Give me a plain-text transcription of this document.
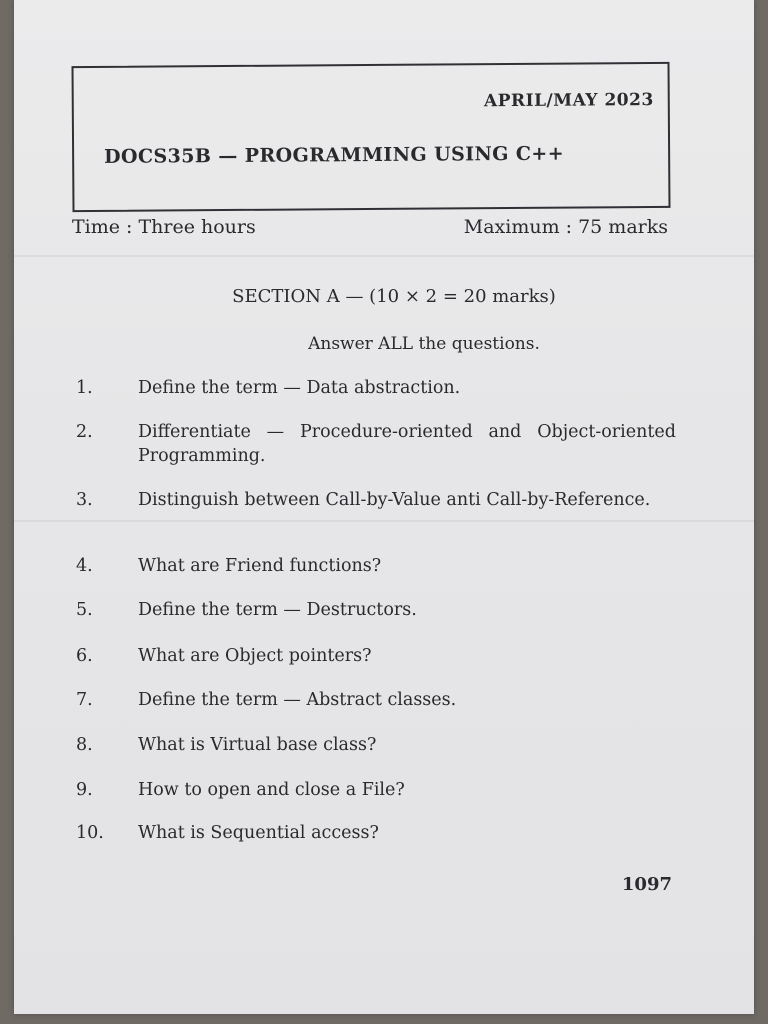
APRIL/MAY 2023
DOCS35B — PROGRAMMING USING C++
Time : Three hours	Maximum : 75 marks
SECTION A — (10 × 2 = 20 marks)
Answer ALL the questions.
1.	Define the term — Data abstraction.
2.	Differentiate — Procedure-oriented and Object-oriented Programming.
3.	Distinguish between Call-by-Value anti Call-by-Reference.
4.	What are Friend functions?
5.	Define the term — Destructors.
6.	What are Object pointers?
7.	Define the term — Abstract classes.
8.	What is Virtual base class?
9.	How to open and close a File?
10.	What is Sequential access?
1097
